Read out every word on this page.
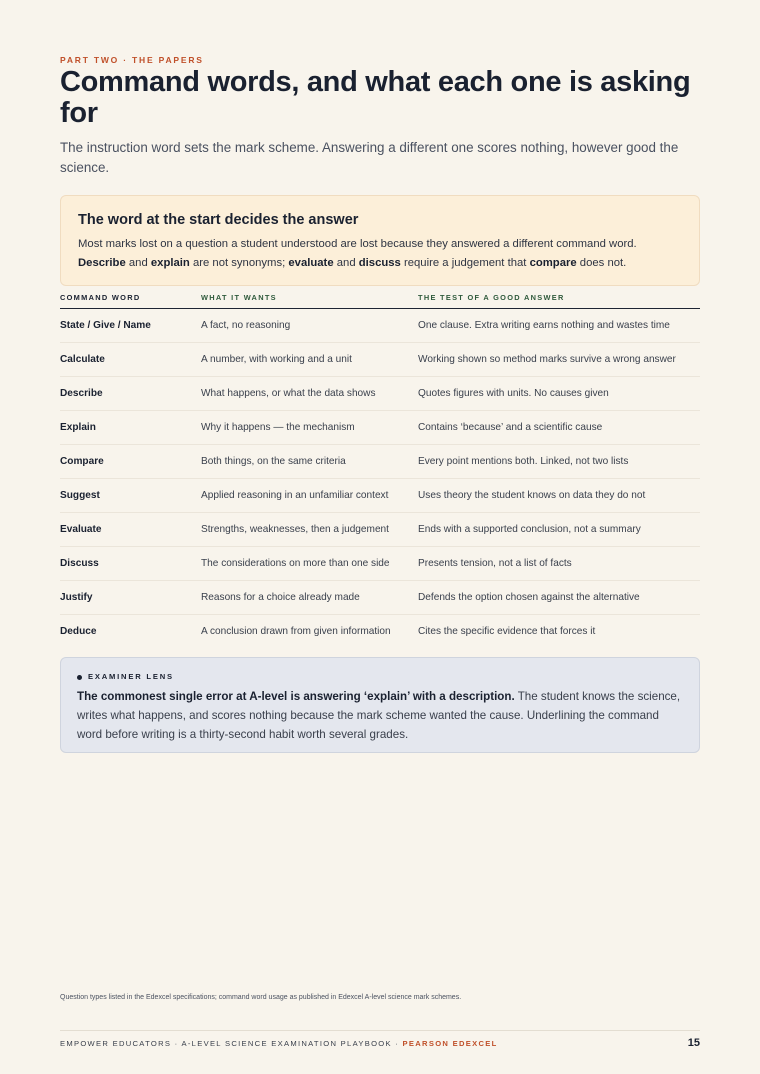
PART TWO · THE PAPERS
Command words, and what each one is asking for

The instruction word sets the mark scheme. Answering a different one scores nothing, however good the science.

The word at the start decides the answer
Most marks lost on a question a student understood are lost because they answered a different command word.
Describe and explain are not synonyms; evaluate and discuss require a judgement that compare does not.
COMMAND WORD	WHAT IT WANTS	THE TEST OF A GOOD ANSWER
State / Give / Name	A fact, no reasoning	One clause. Extra writing earns nothing and wastes time
Calculate	A number, with working and a unit	Working shown so method marks survive a wrong answer
Describe	What happens, or what the data shows	Quotes figures with units. No causes given
Explain	Why it happens — the mechanism	Contains ‘because’ and a scientific cause
Compare	Both things, on the same criteria	Every point mentions both. Linked, not two lists
Suggest	Applied reasoning in an unfamiliar context	Uses theory the student knows on data they do not
Evaluate	Strengths, weaknesses, then a judgement	Ends with a supported conclusion, not a summary
Discuss	The considerations on more than one side	Presents tension, not a list of facts
Justify	Reasons for a choice already made	Defends the option chosen against the alternative
Deduce	A conclusion drawn from given information	Cites the specific evidence that forces it
EXAMINER LENS
The commonest single error at A-level is answering ‘explain’ with a description. The student knows the science, writes what happens, and scores nothing because the mark scheme wanted the cause. Underlining the command word before writing is a thirty-second habit worth several grades.
Question types listed in the Edexcel specifications; command word usage as published in Edexcel A-level science mark schemes.
EMPOWER EDUCATORS · A-LEVEL SCIENCE EXAMINATION PLAYBOOK · PEARSON EDEXCEL	15
